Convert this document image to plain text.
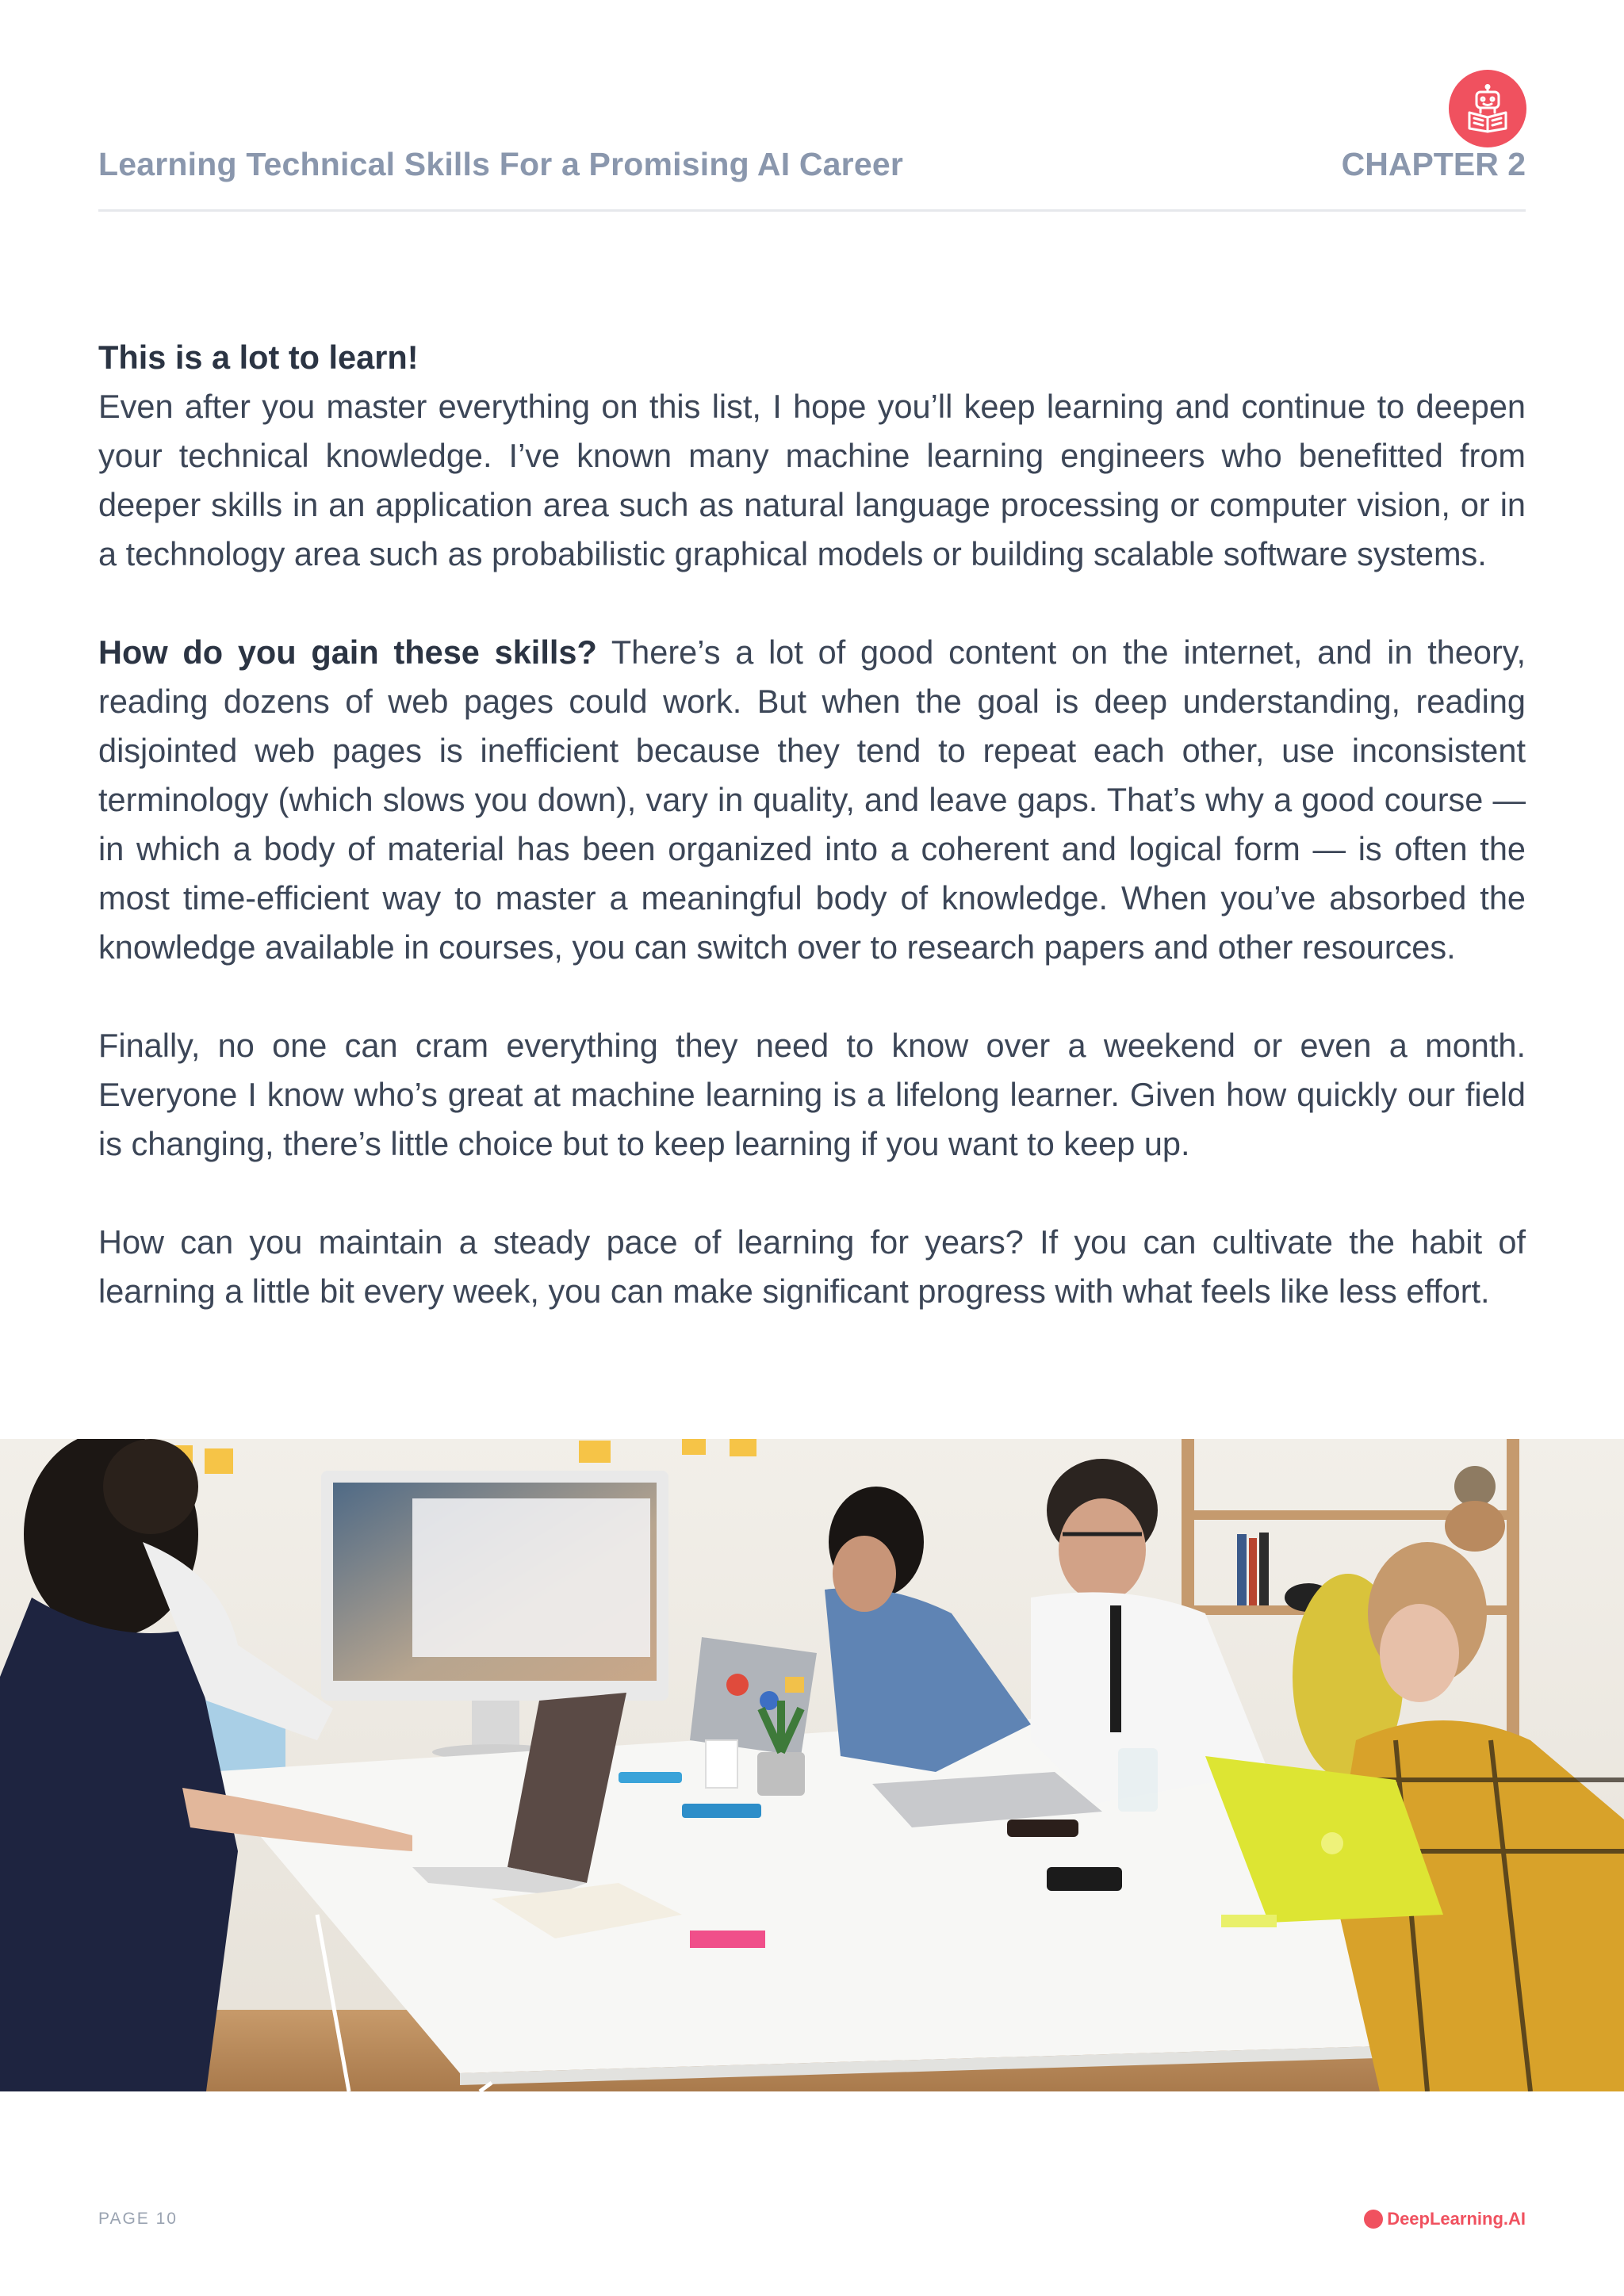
Learning Technical Skills For a Promising AI Career	CHAPTER 2

This is a lot to learn!
Even after you master everything on this list, I hope you’ll keep learning and continue to deepen your technical knowledge. I’ve known many machine learning engineers who benefitted from deeper skills in an application area such as natural language processing or computer vision, or in a technology area such as probabilistic graphical models or building scalable software systems.

How do you gain these skills? There’s a lot of good content on the internet, and in theory, reading dozens of web pages could work. But when the goal is deep understanding, reading disjointed web pages is inefficient because they tend to repeat each other, use inconsistent terminology (which slows you down), vary in quality, and leave gaps. That’s why a good course — in which a body of material has been organized into a coherent and logical form — is often the most time-efficient way to master a meaningful body of knowledge. When you’ve absorbed the knowledge available in courses, you can switch over to research papers and other resources.

Finally, no one can cram everything they need to know over a weekend or even a month. Everyone I know who’s great at machine learning is a lifelong learner. Given how quickly our field is changing, there’s little choice but to keep learning if you want to keep up.

How can you maintain a steady pace of learning for years? If you can cultivate the habit of learning a little bit every week, you can make significant progress with what feels like less effort.

PAGE 10	DeepLearning.AI
